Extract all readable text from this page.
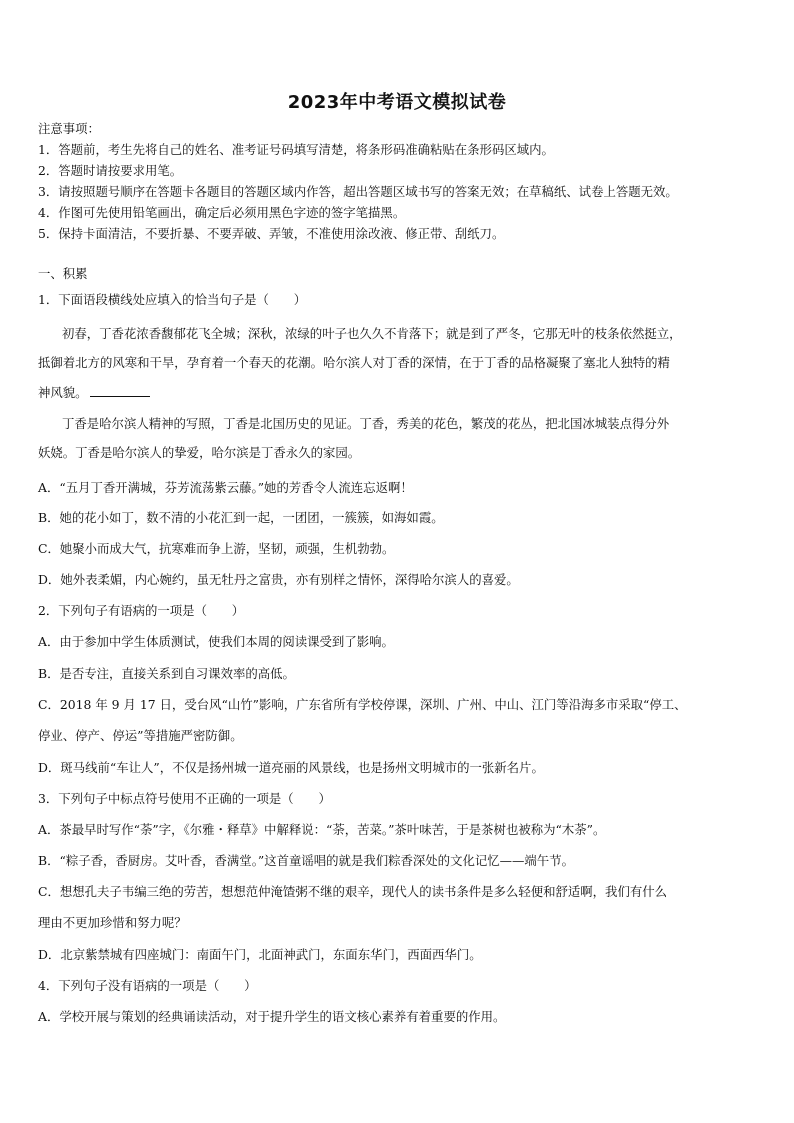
2023年中考语文模拟试卷
注意事项：
1．答题前，考生先将自己的姓名、准考证号码填写清楚，将条形码准确粘贴在条形码区域内。
2．答题时请按要求用笔。
3．请按照题号顺序在答题卡各题目的答题区域内作答，超出答题区域书写的答案无效；在草稿纸、试卷上答题无效。
4．作图可先使用铅笔画出，确定后必须用黑色字迹的签字笔描黑。
5．保持卡面清洁，不要折暴、不要弄破、弄皱，不准使用涂改液、修正带、刮纸刀。
一、积累
1．下面语段横线处应填入的恰当句子是（　　）
初春，丁香花浓香馥郁花飞全城；深秋，浓绿的叶子也久久不肯落下；就是到了严冬，它那无叶的枝条依然挺立，
抵御着北方的风寒和干旱，孕育着一个春天的花潮。哈尔滨人对丁香的深情，在于丁香的品格凝聚了塞北人独特的精
神风貌。
丁香是哈尔滨人精神的写照，丁香是北国历史的见证。丁香，秀美的花色，繁茂的花丛，把北国冰城装点得分外
妖娆。丁香是哈尔滨人的挚爱，哈尔滨是丁香永久的家园。
A．“五月丁香开满城，芬芳流荡紫云藤。”她的芳香令人流连忘返啊！
B．她的花小如丁，数不清的小花汇到一起，一团团，一簇簇，如海如霞。
C．她聚小而成大气，抗寒难而争上游，坚韧，顽强，生机勃勃。
D．她外表柔媚，内心婉约，虽无牡丹之富贵，亦有别样之情怀，深得哈尔滨人的喜爱。
2．下列句子有语病的一项是（　　）
A．由于参加中学生体质测试，使我们本周的阅读课受到了影响。
B．是否专注，直接关系到自习课效率的高低。
C．2018 年 9 月 17 日，受台风“山竹”影响，广东省所有学校停课，深圳、广州、中山、江门等沿海多市采取“停工、
停业、停产、停运”等措施严密防御。
D．斑马线前“车让人”，不仅是扬州城一道亮丽的风景线，也是扬州文明城市的一张新名片。
3．下列句子中标点符号使用不正确的一项是（　　）
A．茶最早时写作“荼”字，《尔雅・释草》中解释说：“荼，苦菜。”茶叶味苦，于是茶树也被称为“木荼”。
B．“粽子香，香厨房。艾叶香，香满堂。”这首童谣唱的就是我们粽香深处的文化记忆——端午节。
C．想想孔夫子韦编三绝的劳苦，想想范仲淹馇粥不继的艰辛，现代人的读书条件是多么轻便和舒适啊，我们有什么
理由不更加珍惜和努力呢？
D．北京紫禁城有四座城门：南面午门，北面神武门，东面东华门，西面西华门。
4．下列句子没有语病的一项是（　　）
A．学校开展与策划的经典诵读活动，对于提升学生的语文核心素养有着重要的作用。
